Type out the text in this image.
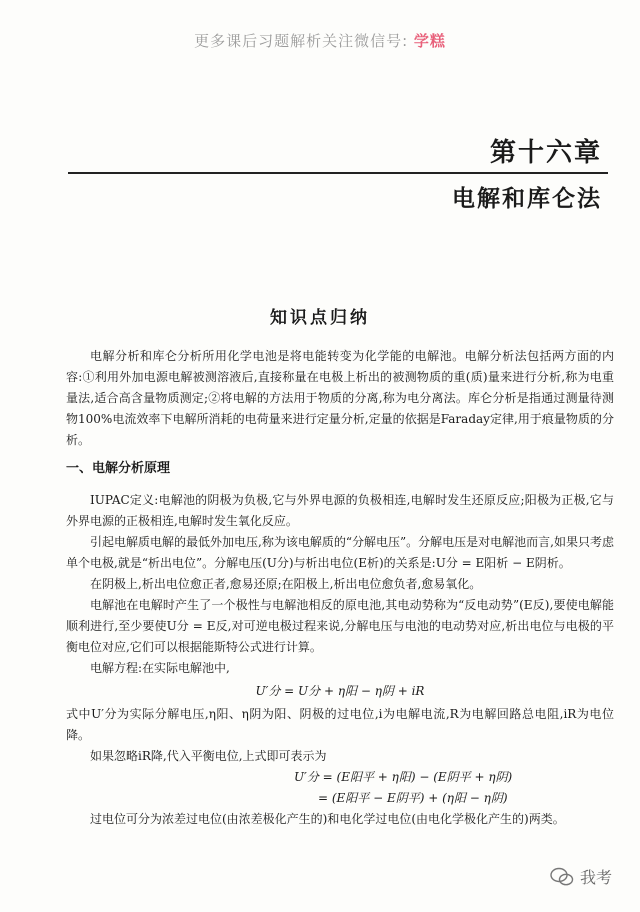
更多课后习题解析关注微信号: 学糕
第十六章
电解和库仑法
知识点归纳

电解分析和库仑分析所用化学电池是将电能转变为化学能的电解池。电解分析法包括两方面的内容:①利用外加电源电解被测溶液后,直接称量在电极上析出的被测物质的重(质)量来进行分析,称为电重量法,适合高含量物质测定;②将电解的方法用于物质的分离,称为电分离法。库仑分析是指通过测量待测物100%电流效率下电解所消耗的电荷量来进行定量分析,定量的依据是Faraday定律,用于痕量物质的分析。

一、电解分析原理

IUPAC定义:电解池的阴极为负极,它与外界电源的负极相连,电解时发生还原反应;阳极为正极,它与外界电源的正极相连,电解时发生氧化反应。

引起电解质电解的最低外加电压,称为该电解质的“分解电压”。分解电压是对电解池而言,如果只考虑单个电极,就是“析出电位”。分解电压(U分)与析出电位(E析)的关系是:U分 = E阳析 − E阴析。

在阴极上,析出电位愈正者,愈易还原;在阳极上,析出电位愈负者,愈易氧化。

电解池在电解时产生了一个极性与电解池相反的原电池,其电动势称为“反电动势”(E反),要使电解能顺利进行,至少要使U分 = E反,对可逆电极过程来说,分解电压与电池的电动势对应,析出电位与电极的平衡电位对应,它们可以根据能斯特公式进行计算。

电解方程:在实际电解池中,

U′分 = U分 + η阳 − η阴 + iR

式中U′分为实际分解电压,η阳、η阴为阳、阴极的过电位,i为电解电流,R为电解回路总电阻,iR为电位降。

如果忽略iR降,代入平衡电位,上式即可表示为

U′分 = (E阳平 + η阳) − (E阴平 + η阴)
= (E阳平 − E阴平) + (η阳 − η阴)

过电位可分为浓差过电位(由浓差极化产生的)和电化学过电位(由电化学极化产生的)两类。

我考
